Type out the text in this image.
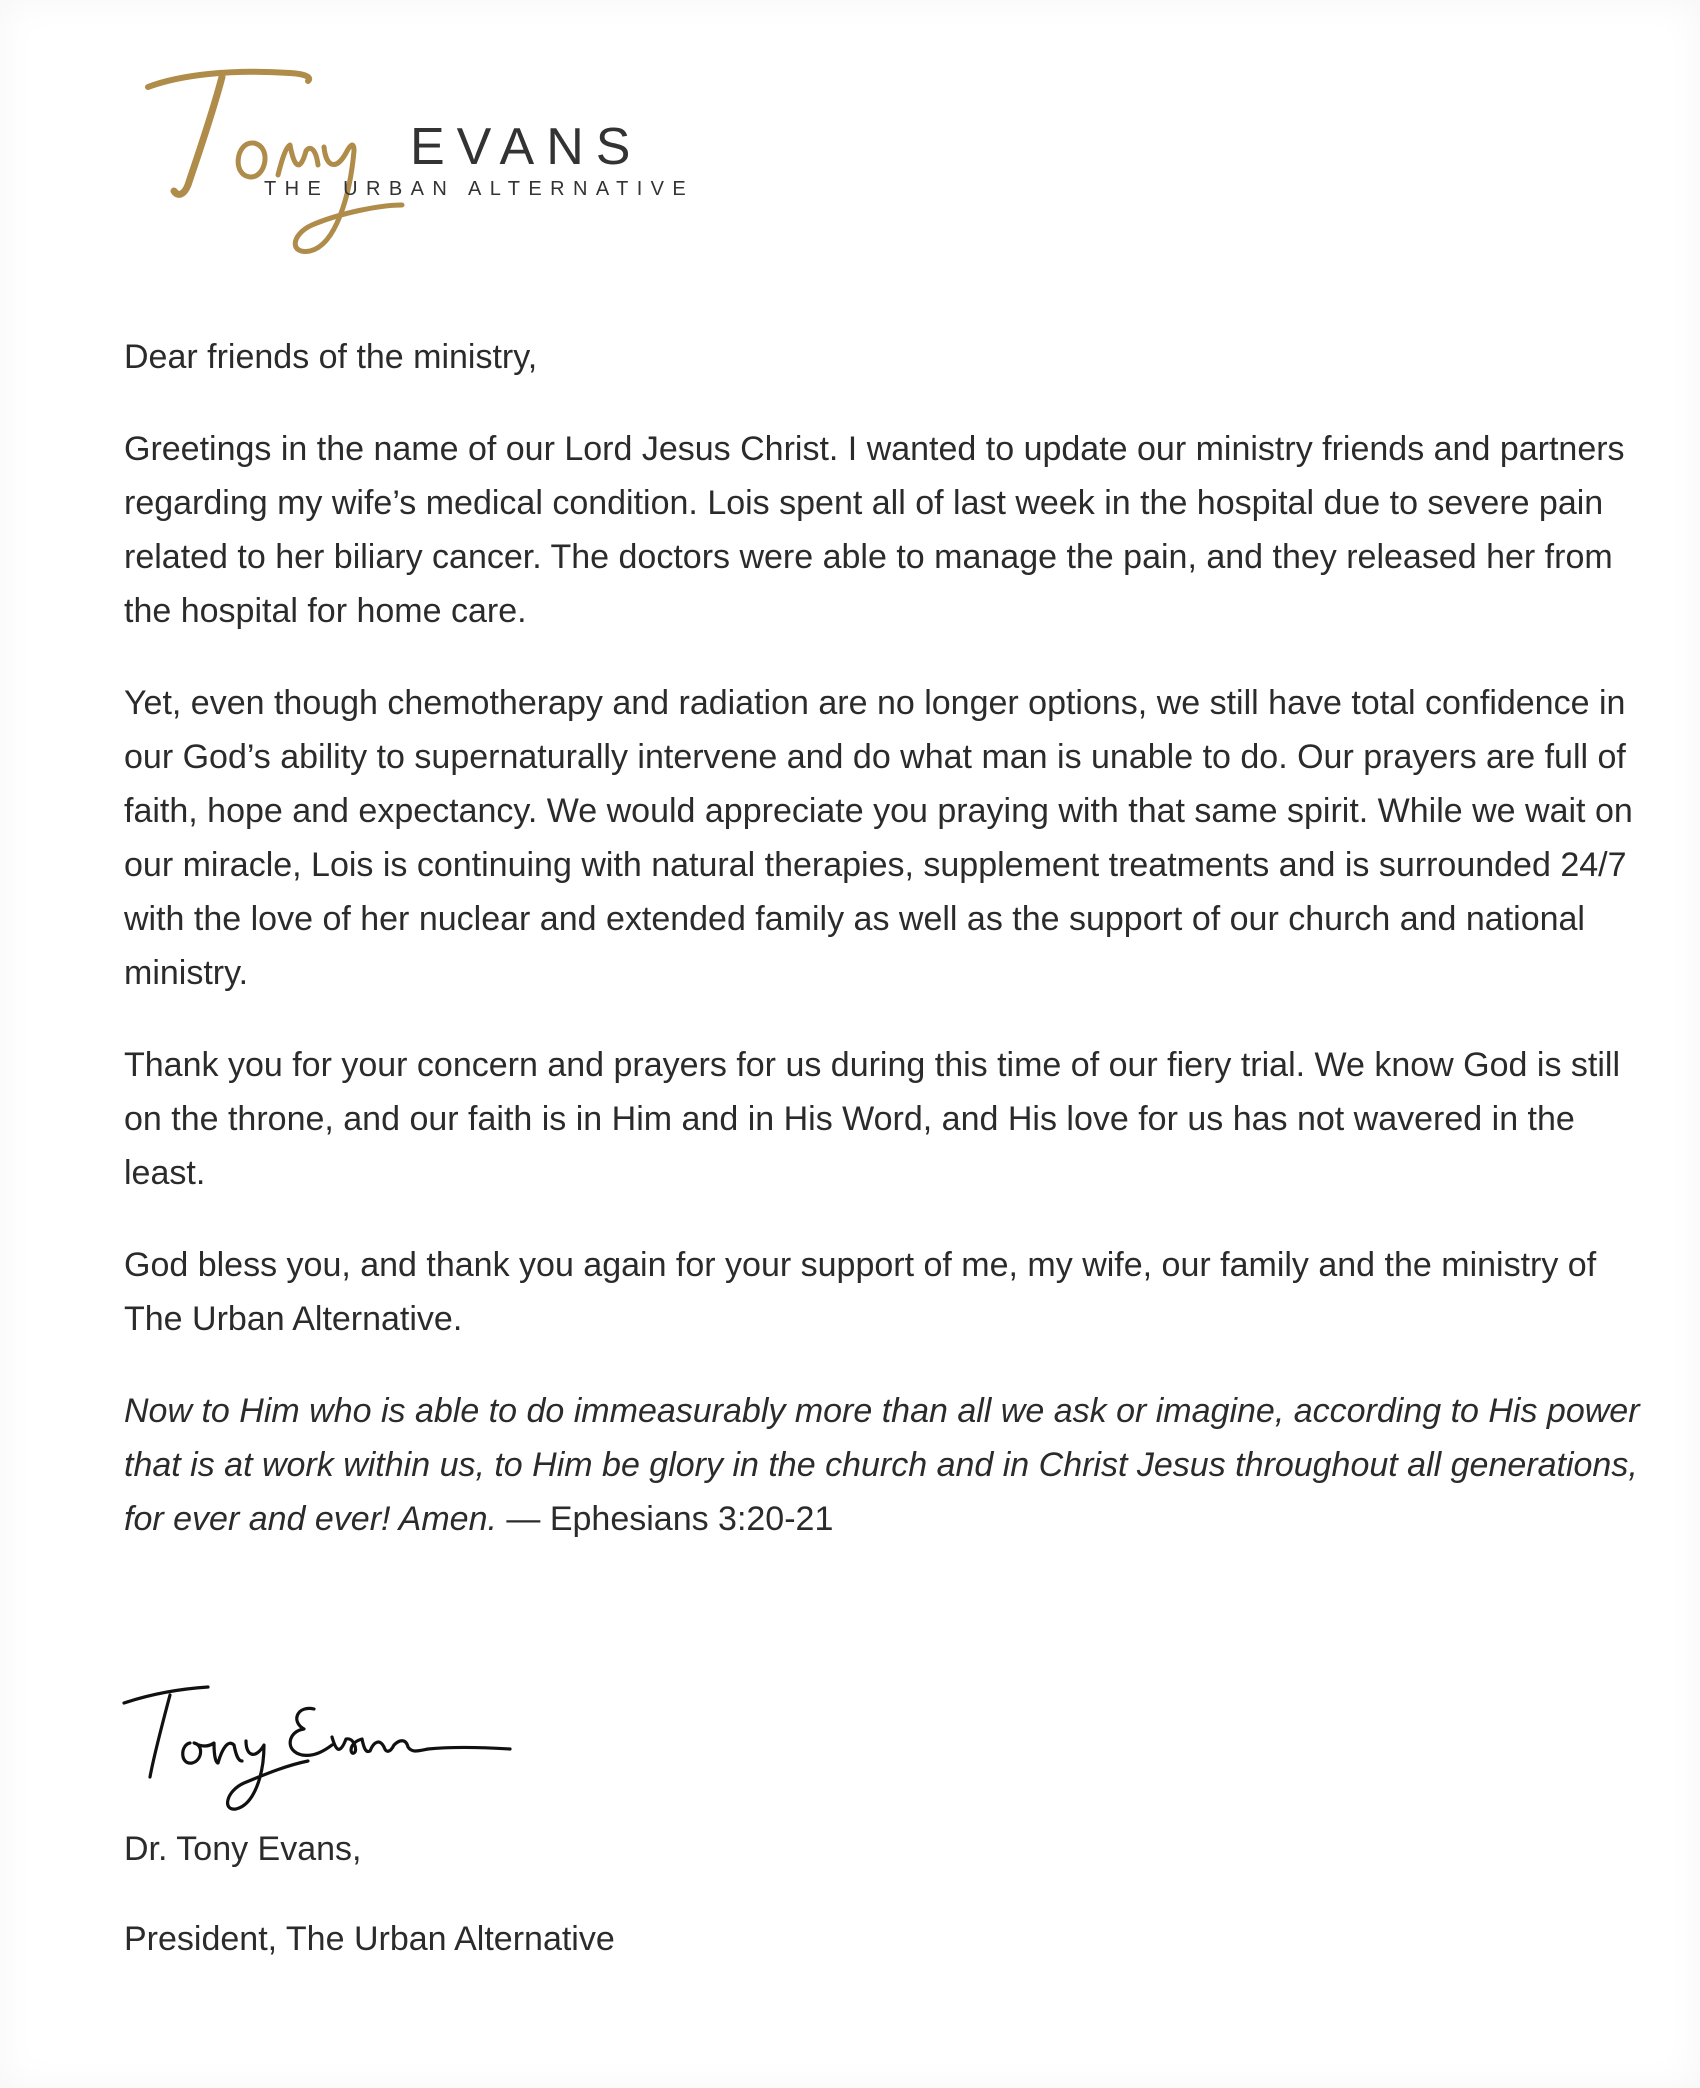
EVANS
THE URBAN ALTERNATIVE

Dear friends of the ministry,

Greetings in the name of our Lord Jesus Christ. I wanted to update our ministry friends and partners regarding my wife’s medical condition. Lois spent all of last week in the hospital due to severe pain related to her biliary cancer. The doctors were able to manage the pain, and they released her from the hospital for home care.

Yet, even though chemotherapy and radiation are no longer options, we still have total confidence in our God’s ability to supernaturally intervene and do what man is unable to do. Our prayers are full of faith, hope and expectancy. We would appreciate you praying with that same spirit. While we wait on our miracle, Lois is continuing with natural therapies, supplement treatments and is surrounded 24/7 with the love of her nuclear and extended family as well as the support of our church and national ministry.

Thank you for your concern and prayers for us during this time of our fiery trial. We know God is still on the throne, and our faith is in Him and in His Word, and His love for us has not wavered in the least.

God bless you, and thank you again for your support of me, my wife, our family and the ministry of The Urban Alternative.

Now to Him who is able to do immeasurably more than all we ask or imagine, according to His power that is at work within us, to Him be glory in the church and in Christ Jesus throughout all generations, for ever and ever! Amen. — Ephesians 3:20-21

Dr. Tony Evans,
President, The Urban Alternative
